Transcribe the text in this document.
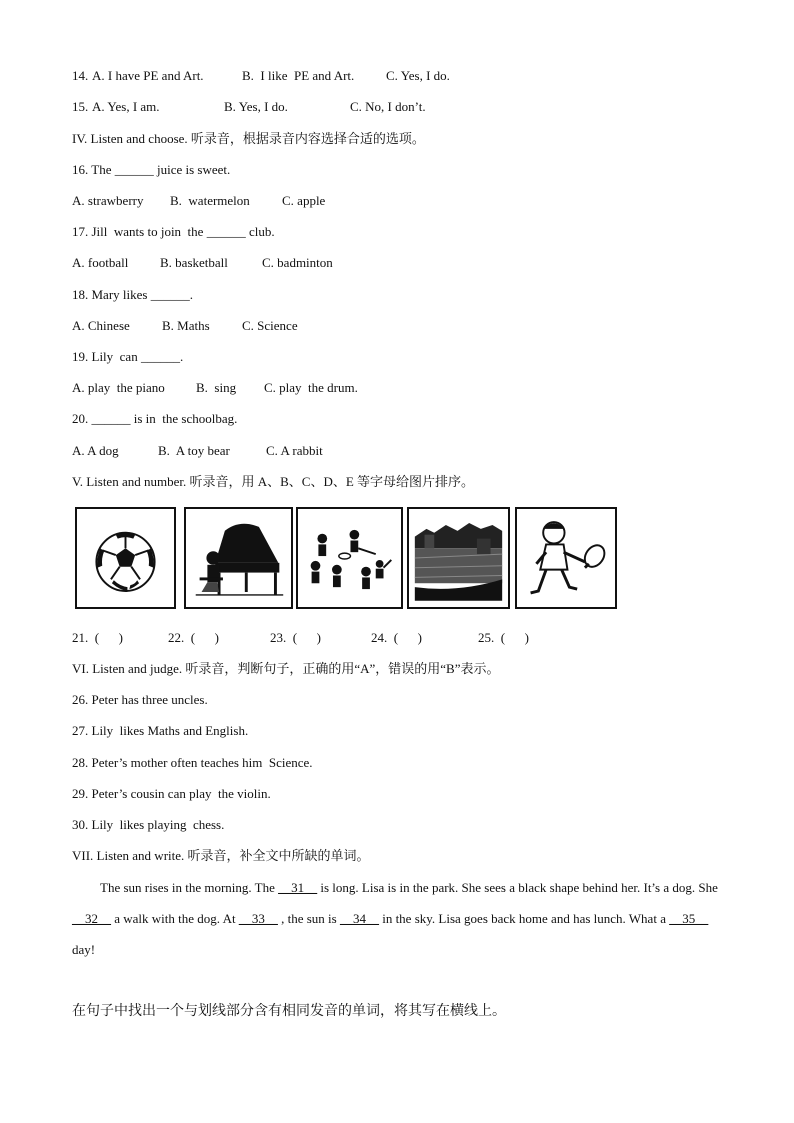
14. A. I have PE and Art.	B.  I like  PE and Art. C. Yes, I do.
15. A. Yes, I am.	B. Yes, I do.	C. No, I don’t.
IV. Listen and choose. 听录音，根据录音内容选择合适的选项。
16. The ______ juice is sweet.
A. strawberry B.  watermelon C. apple
17. Jill  wants to join  the ______ club.
A. football B. basketball	C. badminton
18. Mary likes ______.
A. Chinese B. Maths C. Science
19. Lily  can ______.
A. play  the piano B.  sing C. play  the drum.
20. ______ is in  the schoolbag.
A. A dog	B.  A toy bear	C. A rabbit
V. Listen and number. 听录音，用 A、B、C、D、E 等字母给图片排序。
21.  (      )	22.  (      )	23.  (      )	24.  (      )	25.  (      )
VI. Listen and judge. 听录音，判断句子，正确的用“A”，错误的用“B”表示。
26. Peter has three uncles.
27. Lily  likes Maths and English.
28. Peter’s mother often teaches him  Science.
29. Peter’s cousin can play  the violin.
30. Lily  likes playing  chess.
VII. Listen and write. 听录音，补全文中所缺的单词。
The sun rises in the morning. The __31__ is long. Lisa is in the park. She sees a black shape behind her. It’s a dog. She __32__ a walk with the dog. At __33__ , the sun is __34__ in the sky. Lisa goes back home and has lunch. What a __35__ day!
在句子中找出一个与划线部分含有相同发音的单词，将其写在横线上。
